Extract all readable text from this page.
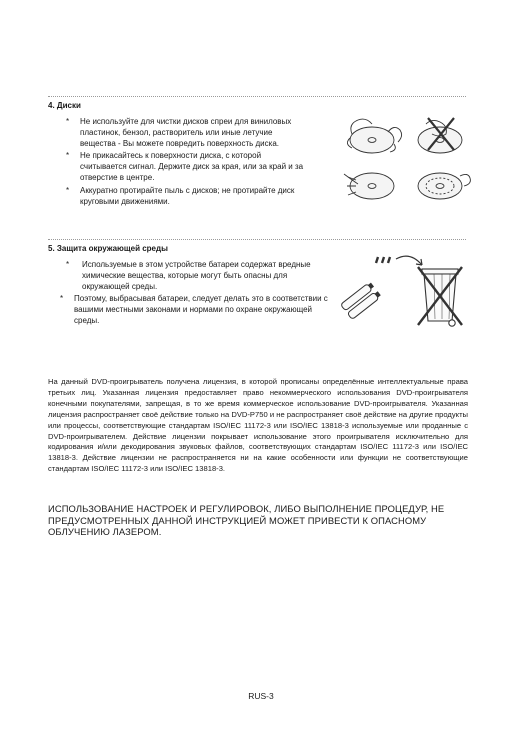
4. Диски
* Не используйте для чистки дисков спреи для виниловых пластинок, бензол, растворитель или иные летучие вещества - Вы можете повредить поверхность диска.
* Не прикасайтесь к поверхности диска, с которой считывается сигнал. Держите диск за края, или за край и за отверстие в центре.
* Аккуратно протирайте пыль с дисков; не протирайте диск круговыми движениями.
5. Защита окружающей среды
* Используемые в этом устройстве батареи содержат вредные химические вещества, которые могут быть опасны для окружающей среды.
* Поэтому, выбрасывая батареи, следует делать это в соответствии с вашими местными законами и нормами по охране окружающей среды.

На данный DVD-проигрыватель получена лицензия, в которой прописаны определённые интеллектуальные права третьих лиц. Указанная лицензия предоставляет право некоммерческого использования DVD-проигрывателя конечными покупателями, запрещая, в то же время коммерческое использование DVD-проигрывателя. Указанная лицензия распространяет своё действие только на DVD-P750 и не распространяет своё действие на другие продукты или процессы, соответствующие стандартам ISO/IEC 11172-3 или ISO/IEC 13818-3 используемые или проданные с DVD-проигрывателем. Действие лицензии покрывает использование этого проигрывателя исключительно для кодирования и/или декодирования звуковых файлов, соответствующих стандартам ISO/IEC 11172-3 или ISO/IEC 13818-3. Действие лицензии не распространяется ни на какие особенности или функции не соответствующие стандартам ISO/IEC 11172-3 или ISO/IEC 13818-3.

ИСПОЛЬЗОВАНИЕ НАСТРОЕК И РЕГУЛИРОВОК, ЛИБО ВЫПОЛНЕНИЕ ПРОЦЕДУР, НЕ ПРЕДУСМОТРЕННЫХ ДАННОЙ ИНСТРУКЦИЕЙ МОЖЕТ ПРИВЕСТИ К ОПАСНОМУ ОБЛУЧЕНИЮ ЛАЗЕРОМ.

RUS-3
